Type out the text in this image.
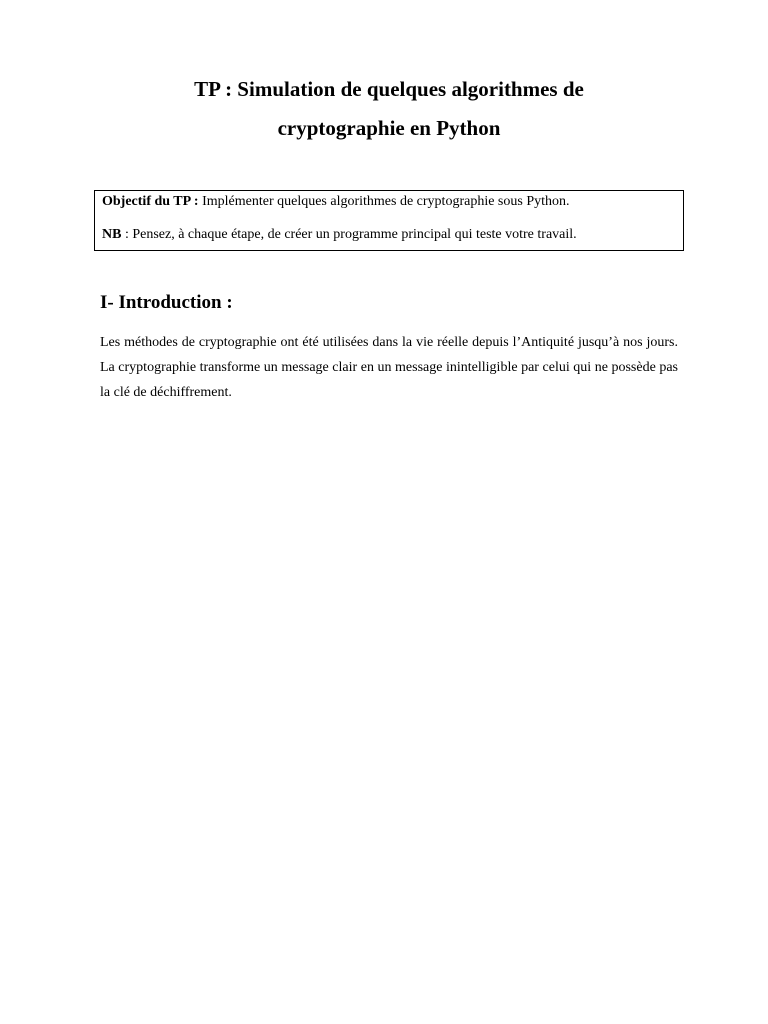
TP : Simulation de quelques algorithmes de
cryptographie en Python

Objectif du TP : Implémenter quelques algorithmes de cryptographie sous Python.

NB : Pensez, à chaque étape, de créer un programme principal qui teste votre travail.

I- Introduction :

Les méthodes de cryptographie ont été utilisées dans la vie réelle depuis l’Antiquité jusqu’à nos jours. La cryptographie transforme un message clair en un message inintelligible par celui qui ne possède pas la clé de déchiffrement.
